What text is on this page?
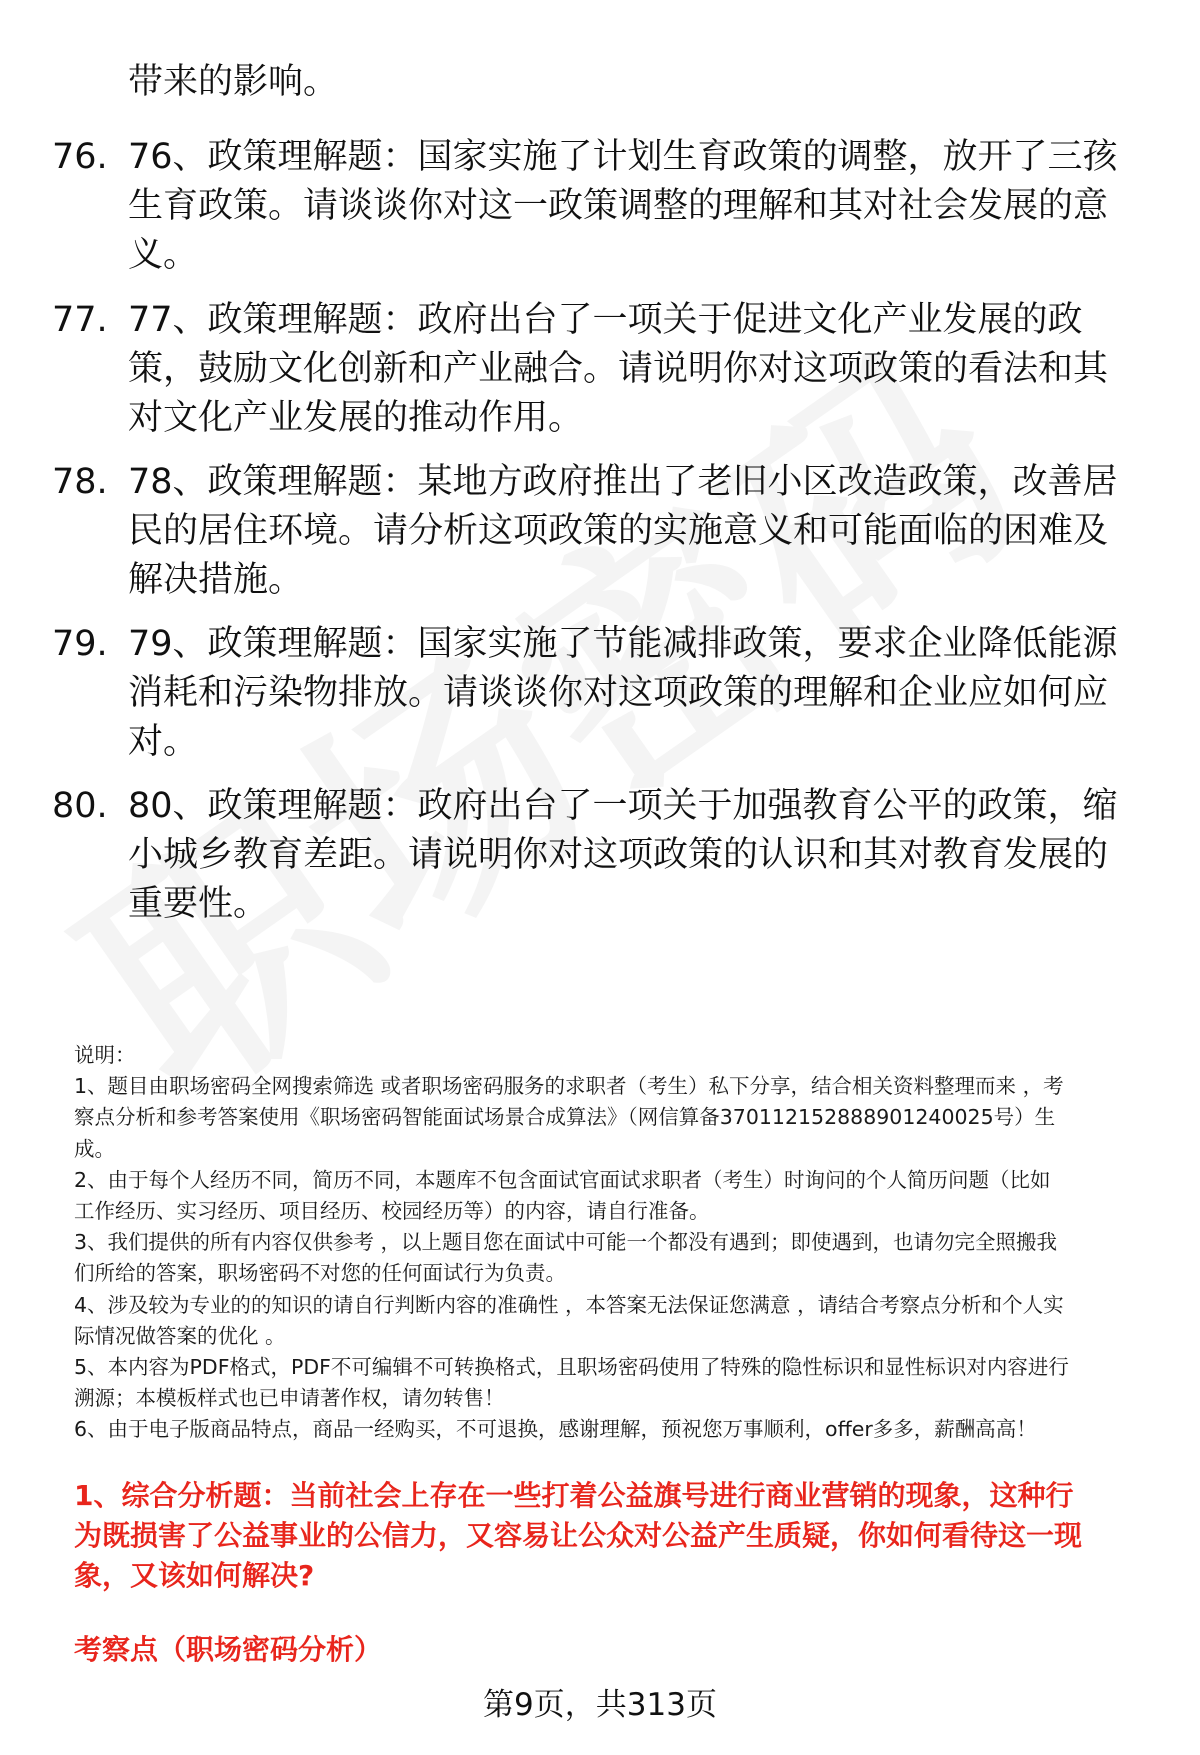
带来的影响。
76. 76、政策理解题：国家实施了计划生育政策的调整，放开了三孩
生育政策。请谈谈你对这一政策调整的理解和其对社会发展的意
义。
77. 77、政策理解题：政府出台了一项关于促进文化产业发展的政
策，鼓励文化创新和产业融合。请说明你对这项政策的看法和其
对文化产业发展的推动作用。
78. 78、政策理解题：某地方政府推出了老旧小区改造政策，改善居
民的居住环境。请分析这项政策的实施意义和可能面临的困难及
解决措施。
79. 79、政策理解题：国家实施了节能减排政策，要求企业降低能源
消耗和污染物排放。请谈谈你对这项政策的理解和企业应如何应
对。
80. 80、政策理解题：政府出台了一项关于加强教育公平的政策，缩
小城乡教育差距。请说明你对这项政策的认识和其对教育发展的
重要性。
说明：
1、题目由职场密码全网搜索筛选 或者职场密码服务的求职者（考生）私下分享，结合相关资料整理而来 ，考
察点分析和参考答案使用《职场密码智能面试场景合成算法》（网信算备370112152888901240025号）生
成。
2、由于每个人经历不同，简历不同，本题库不包含面试官面试求职者（考生）时询问的个人简历问题（比如
工作经历、实习经历、项目经历、校园经历等）的内容，请自行准备。
3、我们提供的所有内容仅供参考 ，以上题目您在面试中可能一个都没有遇到；即使遇到，也请勿完全照搬我
们所给的答案，职场密码不对您的任何面试行为负责。
4、涉及较为专业的的知识的请自行判断内容的准确性 ，本答案无法保证您满意 ，请结合考察点分析和个人实
际情况做答案的优化 。
5、本内容为PDF格式，PDF不可编辑不可转换格式，且职场密码使用了特殊的隐性标识和显性标识对内容进行
溯源；本模板样式也已申请著作权，请勿转售！
6、由于电子版商品特点，商品一经购买，不可退换，感谢理解，预祝您万事顺利，offer多多，薪酬高高！
1、综合分析题：当前社会上存在一些打着公益旗号进行商业营销的现象，这种行
为既损害了公益事业的公信力，又容易让公众对公益产生质疑，你如何看待这一现
象，又该如何解决?
考察点（职场密码分析）
第9页，共313页
